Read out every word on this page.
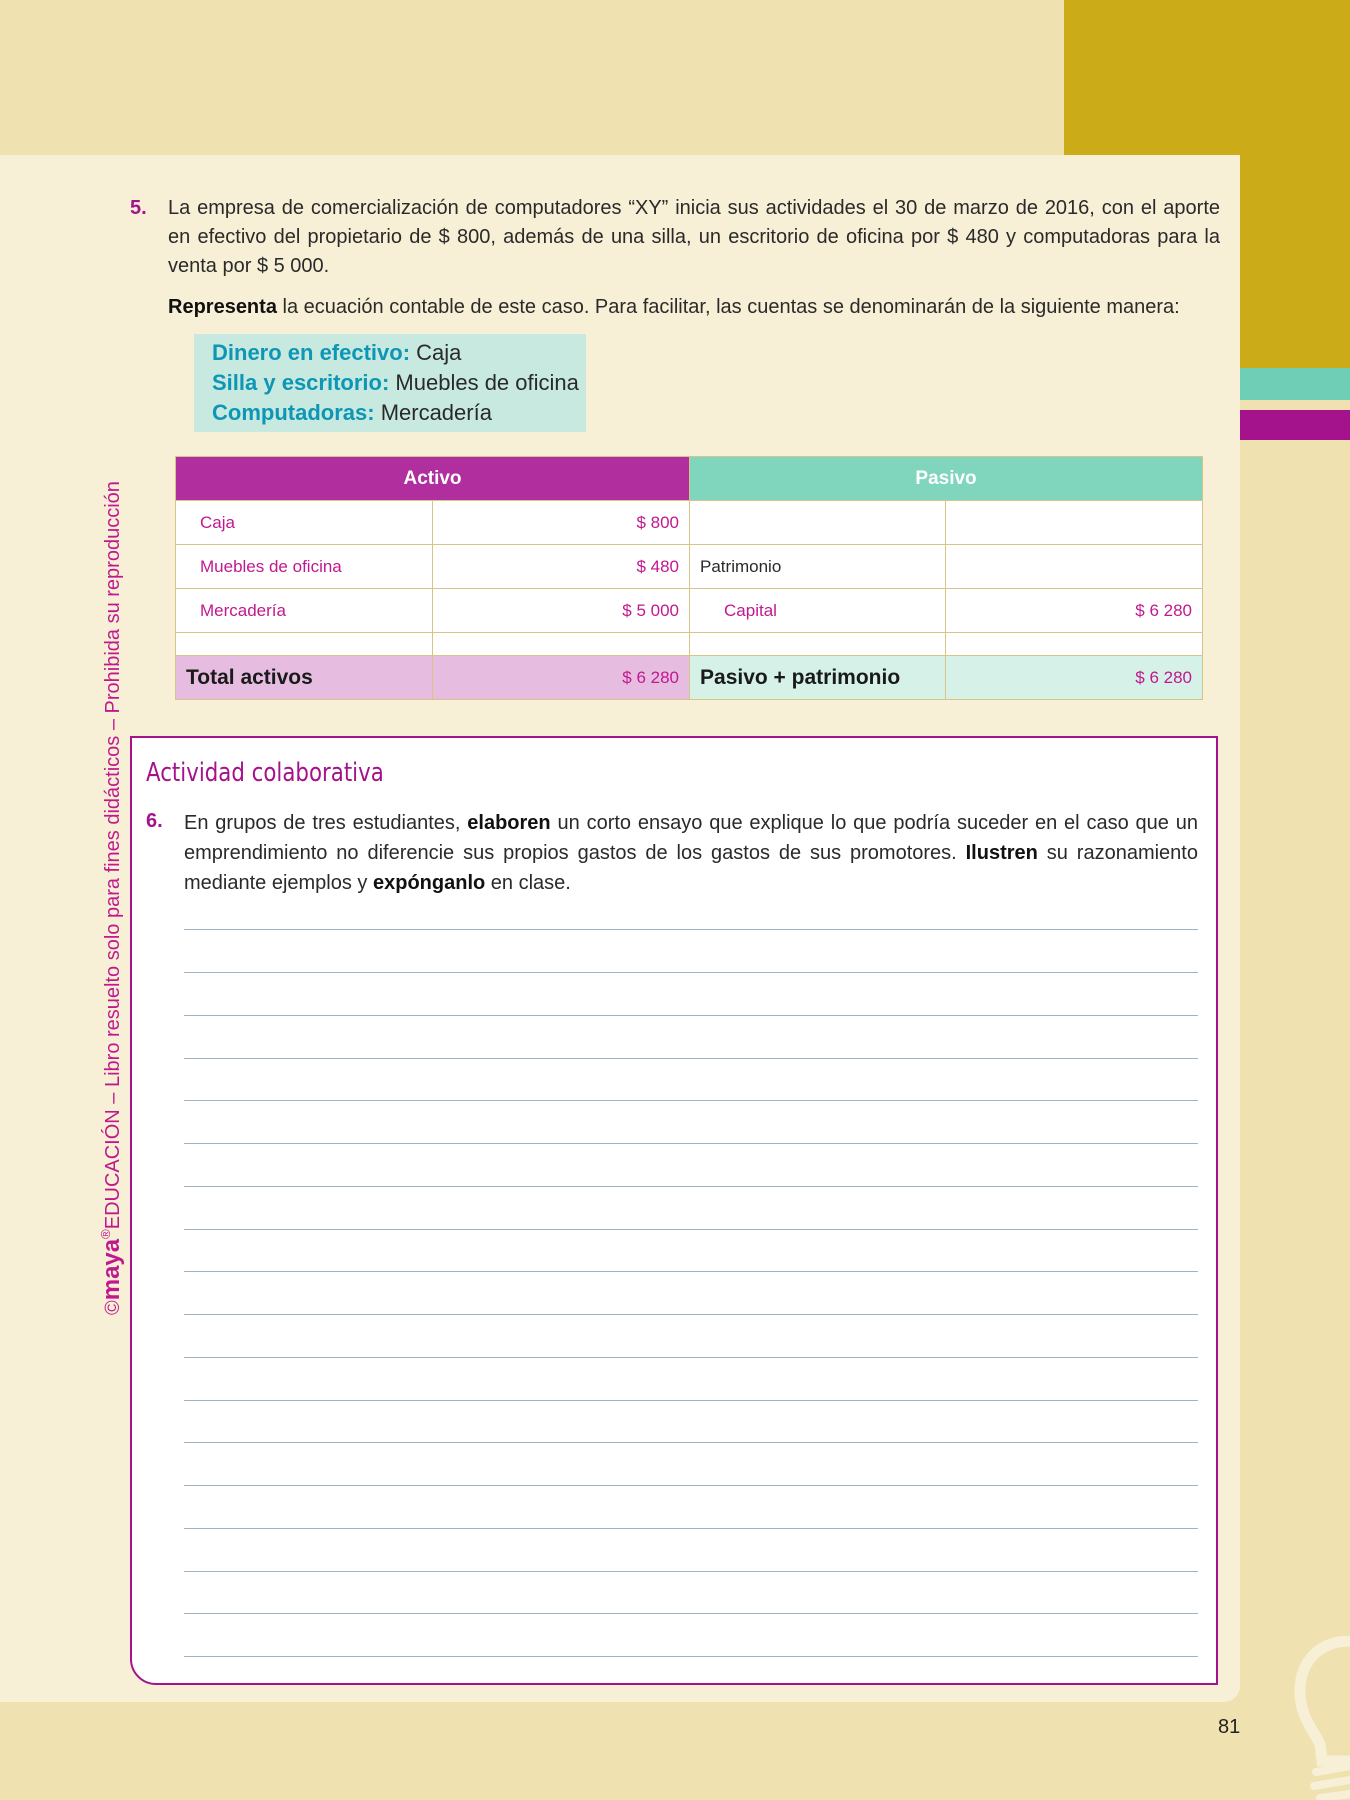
©maya®EDUCACIÓN – Libro resuelto solo para fines didácticos – Prohibida su reproducción
5. La empresa de comercialización de computadores “XY” inicia sus actividades el 30 de marzo de 2016, con el aporte en efectivo del propietario de $ 800, además de una silla, un escritorio de oficina por $ 480 y computadoras para la venta por $ 5 000.
Representa la ecuación contable de este caso. Para facilitar, las cuentas se denominarán de la siguiente manera:
Dinero en efectivo: Caja
Silla y escritorio: Muebles de oficina
Computadoras: Mercadería
Activo		Pasivo	
Caja	$ 800		
Muebles de oficina	$ 480	Patrimonio	
Mercadería	$ 5 000	Capital	$ 6 280

Total activos	$ 6 280	Pasivo + patrimonio	$ 6 280
Actividad colaborativa
6. En grupos de tres estudiantes, elaboren un corto ensayo que explique lo que podría suceder en el caso que un emprendimiento no diferencie sus propios gastos de los gastos de sus promotores. Ilustren su razonamiento mediante ejemplos y expónganlo en clase.
81
